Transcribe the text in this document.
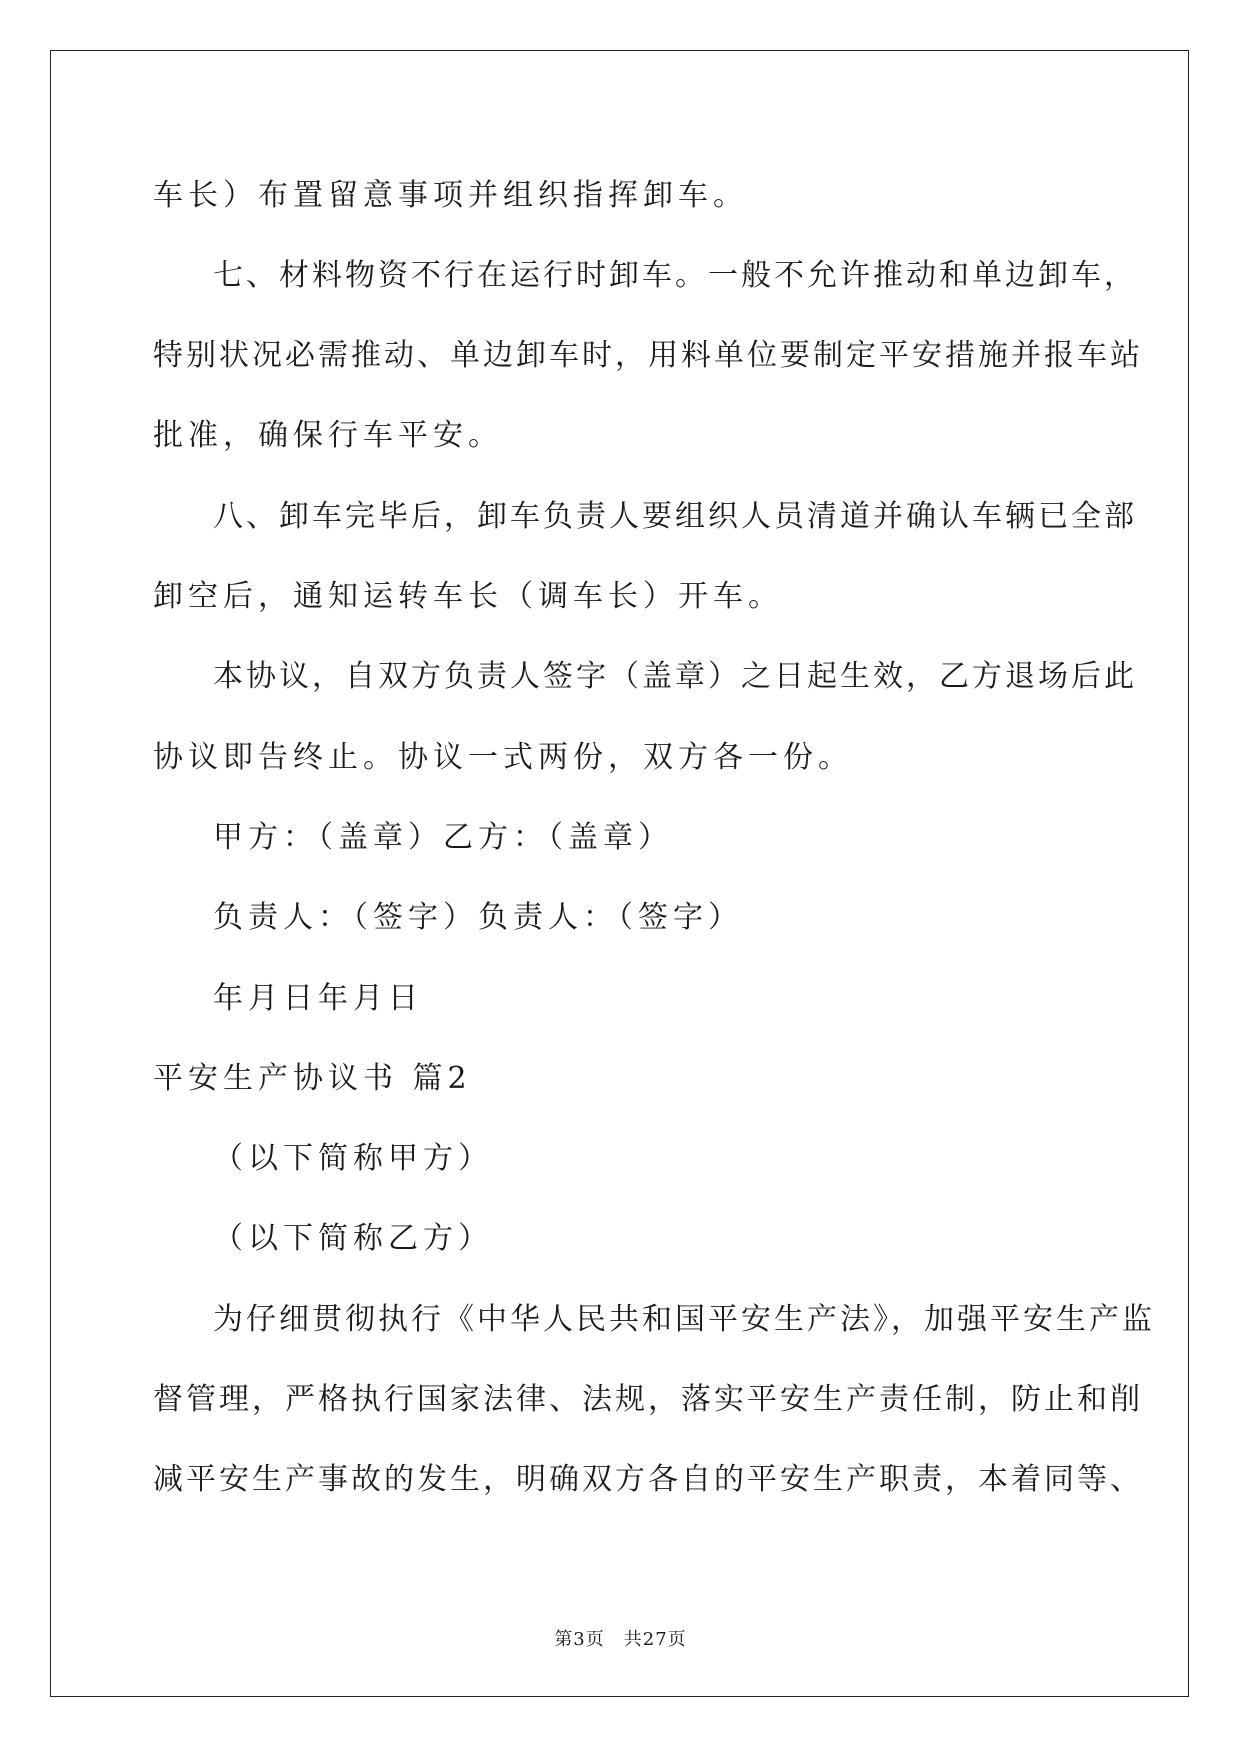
车长）布置留意事项并组织指挥卸车。
七、材料物资不行在运行时卸车。一般不允许推动和单边卸车，
特别状况必需推动、单边卸车时，用料单位要制定平安措施并报车站
批准，确保行车平安。
八、卸车完毕后，卸车负责人要组织人员清道并确认车辆已全部
卸空后，通知运转车长（调车长）开车。
本协议，自双方负责人签字（盖章）之日起生效，乙方退场后此
协议即告终止。协议一式两份，双方各一份。
甲方：（盖章）乙方：（盖章）
负责人：（签字）负责人：（签字）
年月日年月日
平安生产协议书 篇2
（以下简称甲方）
（以下简称乙方）
为仔细贯彻执行《中华人民共和国平安生产法》，加强平安生产监
督管理，严格执行国家法律、法规，落实平安生产责任制，防止和削
减平安生产事故的发生，明确双方各自的平安生产职责，本着同等、
第3页　共27页
